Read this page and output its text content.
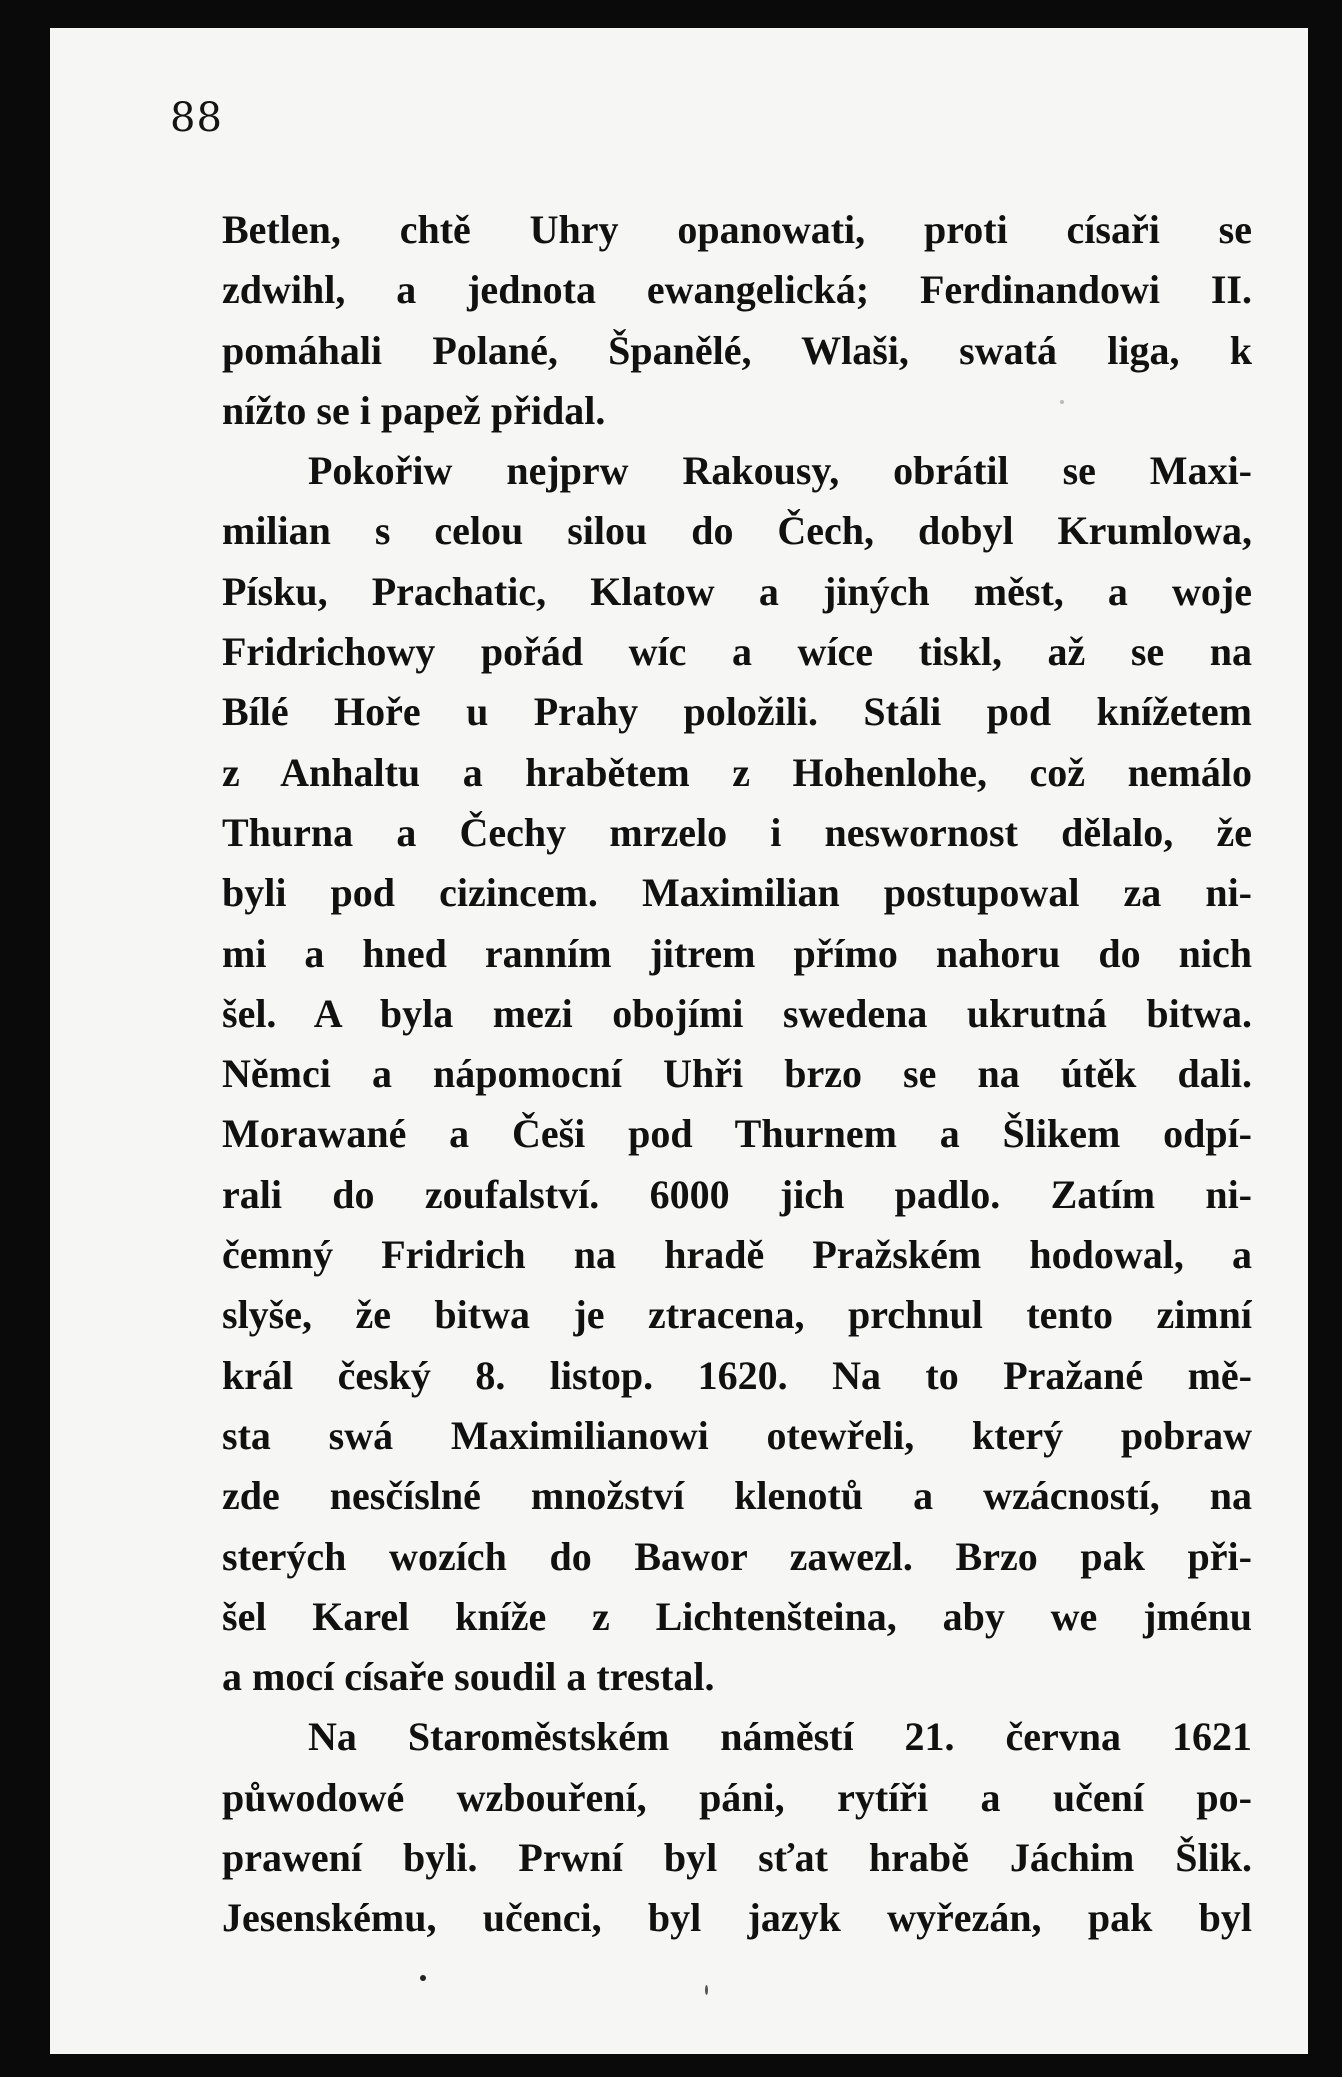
88
Betlen, chtě Uhry opanowati, proti císaři se
zdwihl, a jednota ewangelická; Ferdinandowi II.
pomáhali Polané, Španělé, Wlaši, swatá liga, k
nížto se i papež přidal.
Pokořiw nejprw Rakousy, obrátil se Maxi-
milian s celou silou do Čech, dobyl Krumlowa,
Písku, Prachatic, Klatow a jiných měst, a woje
Fridrichowy pořád wíc a wíce tiskl, až se na
Bílé Hoře u Prahy položili. Stáli pod knížetem
z Anhaltu a hrabětem z Hohenlohe, což nemálo
Thurna a Čechy mrzelo i neswornost dělalo, že
byli pod cizincem. Maximilian postupowal za ni-
mi a hned ranním jitrem přímo nahoru do nich
šel. A byla mezi obojími swedena ukrutná bitwa.
Němci a nápomocní Uhři brzo se na útěk dali.
Morawané a Češi pod Thurnem a Šlikem odpí-
rali do zoufalství. 6000 jich padlo. Zatím ni-
čemný Fridrich na hradě Pražském hodowal, a
slyše, že bitwa je ztracena, prchnul tento zimní
král český 8. listop. 1620. Na to Pražané mě-
sta swá Maximilianowi otewřeli, který pobraw
zde nesčíslné množství klenotů a wzácností, na
sterých wozích do Bawor zawezl. Brzo pak při-
šel Karel kníže z Lichtenšteina, aby we jménu
a mocí císaře soudil a trestal.
Na Staroměstském náměstí 21. června 1621
půwodowé wzbouření, páni, rytíři a učení po-
prawení byli. Prwní byl sťat hrabě Jáchim Šlik.
Jesenskému, učenci, byl jazyk wyřezán, pak byl
